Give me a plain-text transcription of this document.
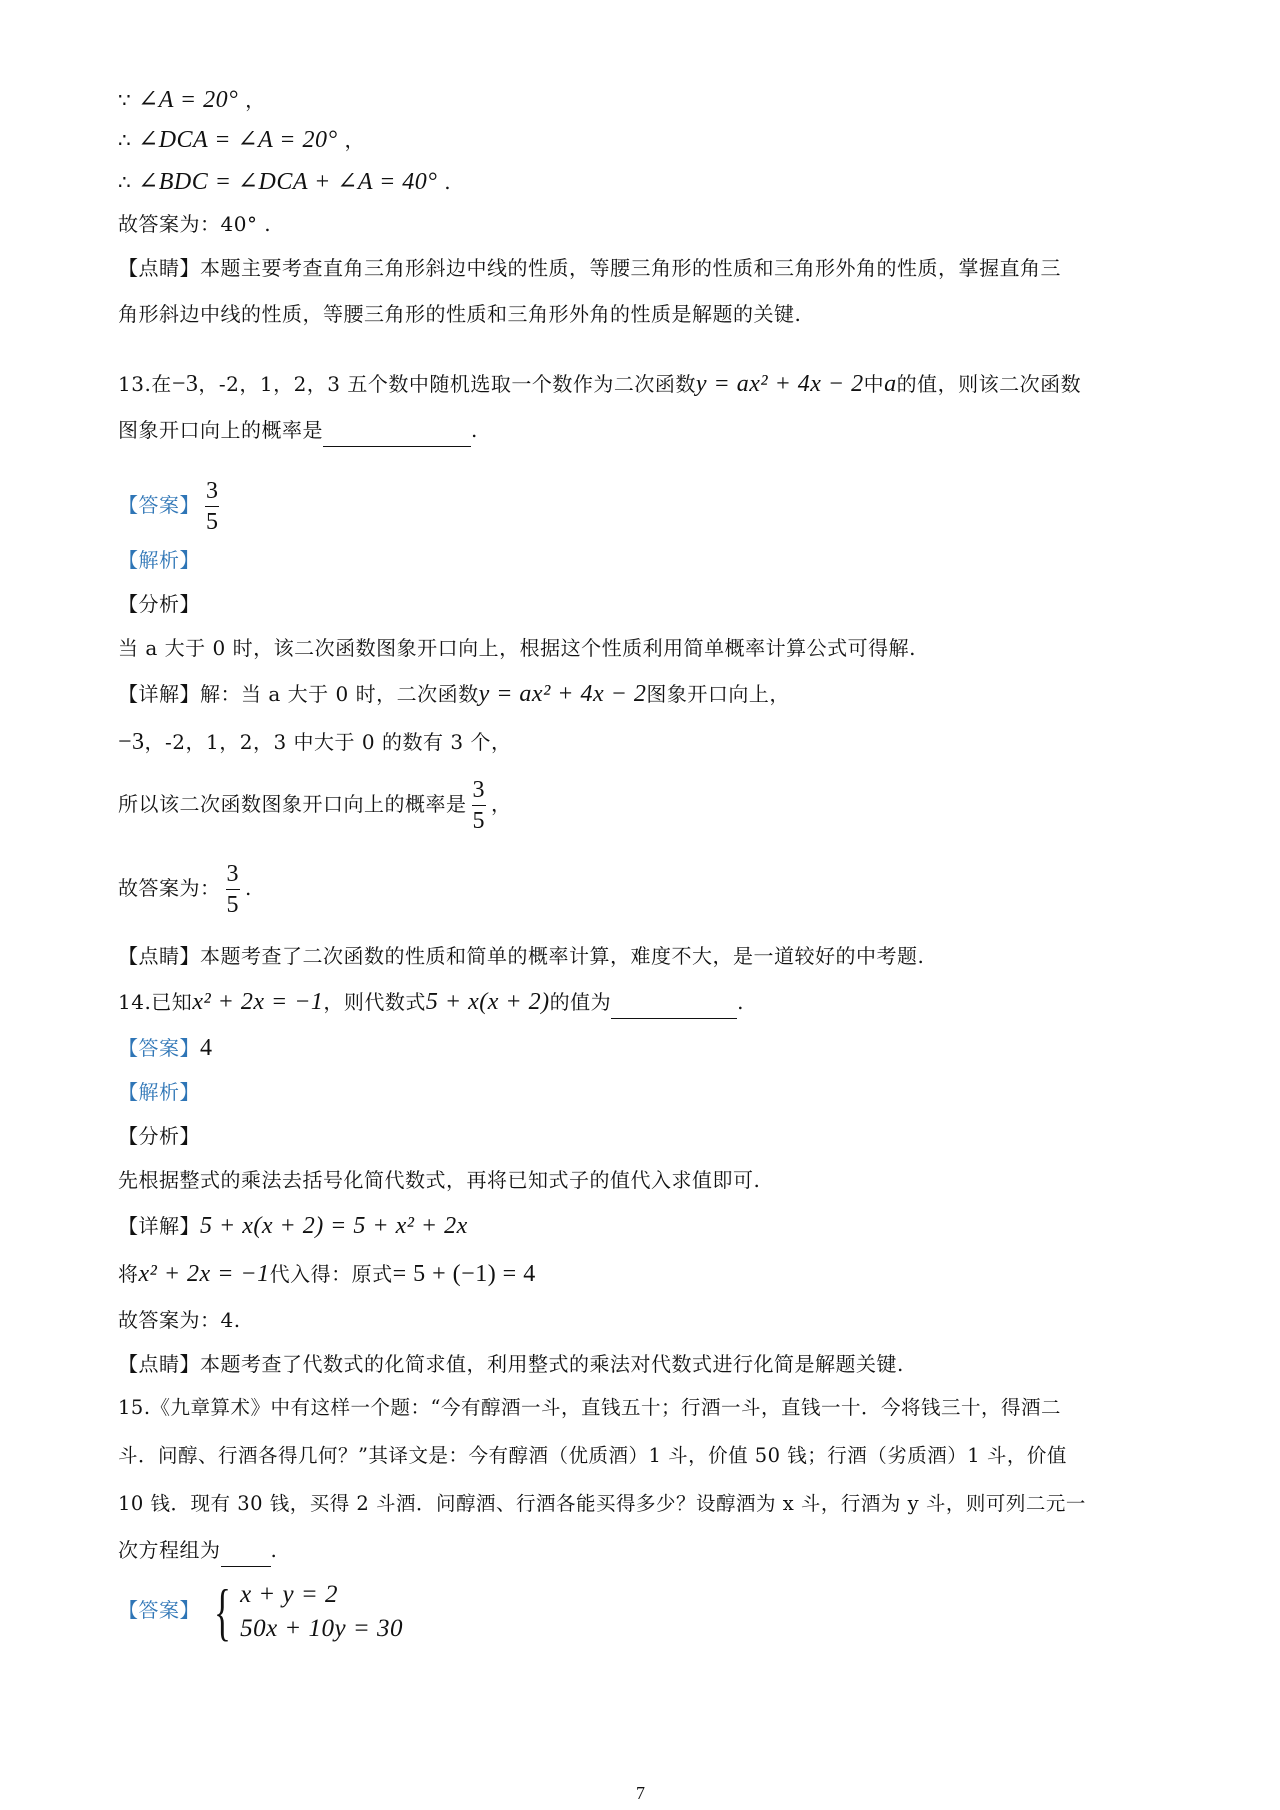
∵ ∠A = 20° ，
∴ ∠DCA = ∠A = 20° ，
∴ ∠BDC = ∠DCA + ∠A = 40° .
故答案为：40° .
【点睛】本题主要考查直角三角形斜边中线的性质，等腰三角形的性质和三角形外角的性质，掌握直角三
角形斜边中线的性质，等腰三角形的性质和三角形外角的性质是解题的关键.
13.在−3，-2，1，2，3 五个数中随机选取一个数作为二次函数y = ax² + 4x − 2中a的值，则该二次函数
图象开口向上的概率是	.
【答案】 $\frac{3}{5}$
【解析】
【分析】
当 a 大于 0 时，该二次函数图象开口向上，根据这个性质利用简单概率计算公式可得解.
【详解】解：当 a 大于 0 时，二次函数y = ax² + 4x − 2图象开口向上，
−3，-2，1，2，3 中大于 0 的数有 3 个，
所以该二次函数图象开口向上的概率是 $\frac{3}{5}$ ，
故答案为： $\frac{3}{5}$ .
【点睛】本题考查了二次函数的性质和简单的概率计算，难度不大，是一道较好的中考题.
14.已知x² + 2x = −1，则代数式5 + x(x + 2)的值为	.
【答案】4
【解析】
【分析】
先根据整式的乘法去括号化简代数式，再将已知式子的值代入求值即可.
【详解】5 + x(x + 2) = 5 + x² + 2x
将x² + 2x = −1代入得：原式= 5 + (−1) = 4
故答案为：4.
【点睛】本题考查了代数式的化简求值，利用整式的乘法对代数式进行化简是解题关键.
15.《九章算术》中有这样一个题：“今有醇酒一斗，直钱五十；行酒一斗，直钱一十．今将钱三十，得酒二
斗．问醇、行酒各得几何？”其译文是：今有醇酒（优质酒）1 斗，价值 50 钱；行酒（劣质酒）1 斗，价值
10 钱．现有 30 钱，买得 2 斗酒．问醇酒、行酒各能买得多少？设醇酒为 x 斗，行酒为 y 斗，则可列二元一
次方程组为	.
【答案】 { x + y = 2
50x + 10y = 30
7
